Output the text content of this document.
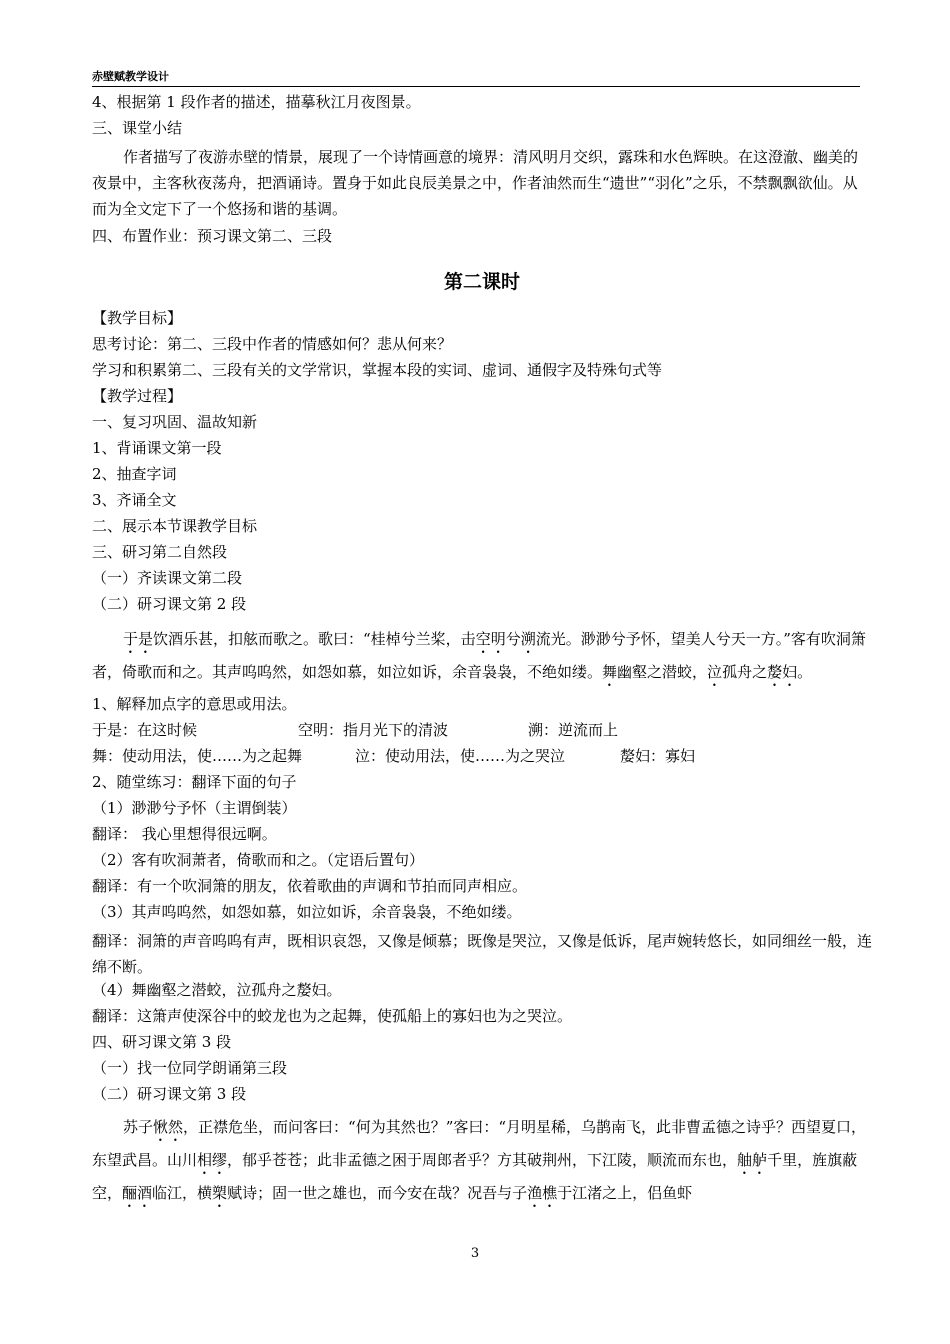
赤壁赋教学设计
4、根据第 1 段作者的描述，描摹秋江月夜图景。
三、课堂小结
作者描写了夜游赤壁的情景，展现了一个诗情画意的境界：清风明月交织，露珠和水色辉映。在这澄澈、幽美的夜景中，主客秋夜荡舟，把酒诵诗。置身于如此良辰美景之中，作者油然而生“遗世”“羽化”之乐，不禁飘飘欲仙。从而为全文定下了一个悠扬和谐的基调。
四、布置作业：预习课文第二、三段
第二课时
【教学目标】
思考讨论：第二、三段中作者的情感如何？悲从何来？
学习和积累第二、三段有关的文学常识，掌握本段的实词、虚词、通假字及特殊句式等
【教学过程】
一、复习巩固、温故知新
1、背诵课文第一段
2、抽查字词
3、齐诵全文
二、展示本节课教学目标
三、研习第二自然段
（一）齐读课文第二段
（二）研习课文第 2 段
于是饮酒乐甚，扣舷而歌之。歌曰：“桂棹兮兰桨，击空明兮溯流光。渺渺兮予怀，望美人兮天一方。”客有吹洞箫者，倚歌而和之。其声呜呜然，如怨如慕，如泣如诉，余音袅袅，不绝如缕。舞幽壑之潜蛟，泣孤舟之嫠妇。
1、解释加点字的意思或用法。
于是：在这时候	空明：指月光下的清波	溯：逆流而上
舞：使动用法，使……为之起舞	泣：使动用法，使……为之哭泣	嫠妇：寡妇
2、随堂练习：翻译下面的句子
（1）渺渺兮予怀（主谓倒装）
翻译： 我心里想得很远啊。
（2）客有吹洞萧者，倚歌而和之。（定语后置句）
翻译：有一个吹洞箫的朋友，依着歌曲的声调和节拍而同声相应。
（3）其声呜呜然，如怨如慕，如泣如诉，余音袅袅，不绝如缕。
翻译：洞箫的声音呜呜有声，既相识哀怨，又像是倾慕；既像是哭泣，又像是低诉，尾声婉转悠长，如同细丝一般，连绵不断。
（4）舞幽壑之潜蛟，泣孤舟之嫠妇。
翻译：这箫声使深谷中的蛟龙也为之起舞，使孤船上的寡妇也为之哭泣。
四、研习课文第 3 段
（一）找一位同学朗诵第三段
（二）研习课文第 3 段
苏子愀然，正襟危坐，而问客曰：“何为其然也？”客曰：“月明星稀，乌鹊南飞，此非曹孟德之诗乎？西望夏口，东望武昌。山川相缪，郁乎苍苍；此非孟德之困于周郎者乎？方其破荆州，下江陵，顺流而东也，舳舻千里，旌旗蔽空，酾酒临江，横槊赋诗；固一世之雄也，而今安在哉？况吾与子渔樵于江渚之上，侣鱼虾
3
